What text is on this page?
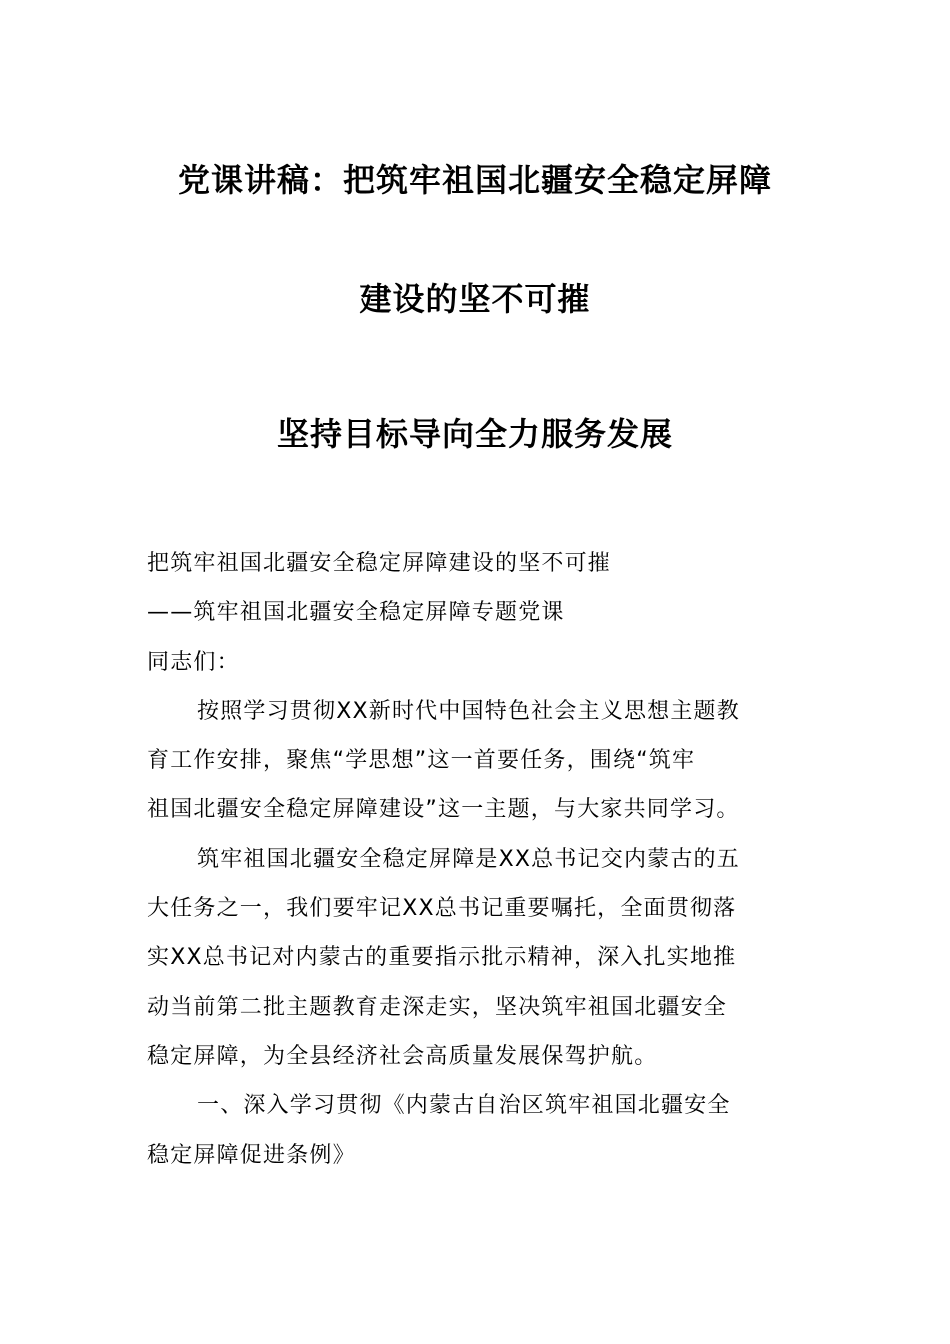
党课讲稿：把筑牢祖国北疆安全稳定屏障
建设的坚不可摧
坚持目标导向全力服务发展
把筑牢祖国北疆安全稳定屏障建设的坚不可摧
——筑牢祖国北疆安全稳定屏障专题党课
同志们：
按照学习贯彻XX新时代中国特色社会主义思想主题教
育工作安排，聚焦“学思想”这一首要任务，围绕“筑牢
祖国北疆安全稳定屏障建设”这一主题，与大家共同学习。
筑牢祖国北疆安全稳定屏障是XX总书记交内蒙古的五
大任务之一，我们要牢记XX总书记重要嘱托，全面贯彻落
实XX总书记对内蒙古的重要指示批示精神，深入扎实地推
动当前第二批主题教育走深走实，坚决筑牢祖国北疆安全
稳定屏障，为全县经济社会高质量发展保驾护航。
一、深入学习贯彻《内蒙古自治区筑牢祖国北疆安全
稳定屏障促进条例》
